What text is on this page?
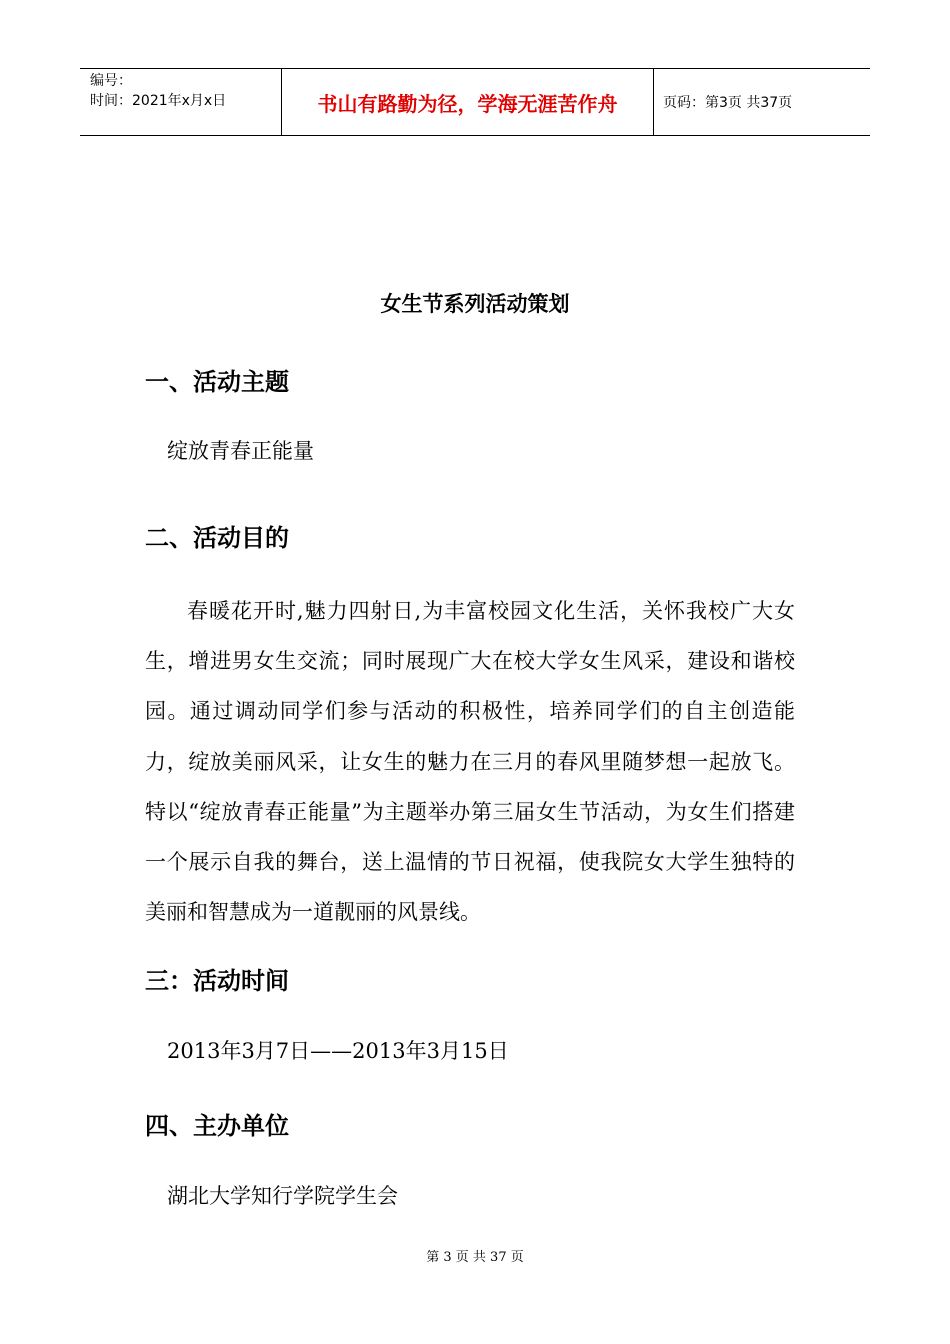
编号：
时间：2021年x月x日	书山有路勤为径，学海无涯苦作舟	页码：第3页 共37页
女生节系列活动策划
一、活动主题

绽放青春正能量

二、活动目的

春暖花开时,魅力四射日,为丰富校园文化生活，关怀我校广大女生，增进男女生交流；同时展现广大在校大学女生风采，建设和谐校园。通过调动同学们参与活动的积极性，培养同学们的自主创造能力，绽放美丽风采，让女生的魅力在三月的春风里随梦想一起放飞。特以“绽放青春正能量”为主题举办第三届女生节活动，为女生们搭建一个展示自我的舞台，送上温情的节日祝福，使我院女大学生独特的美丽和智慧成为一道靓丽的风景线。

三：活动时间

2013年3月7日——2013年3月15日

四、主办单位

湖北大学知行学院学生会

第 3 页 共 37 页
